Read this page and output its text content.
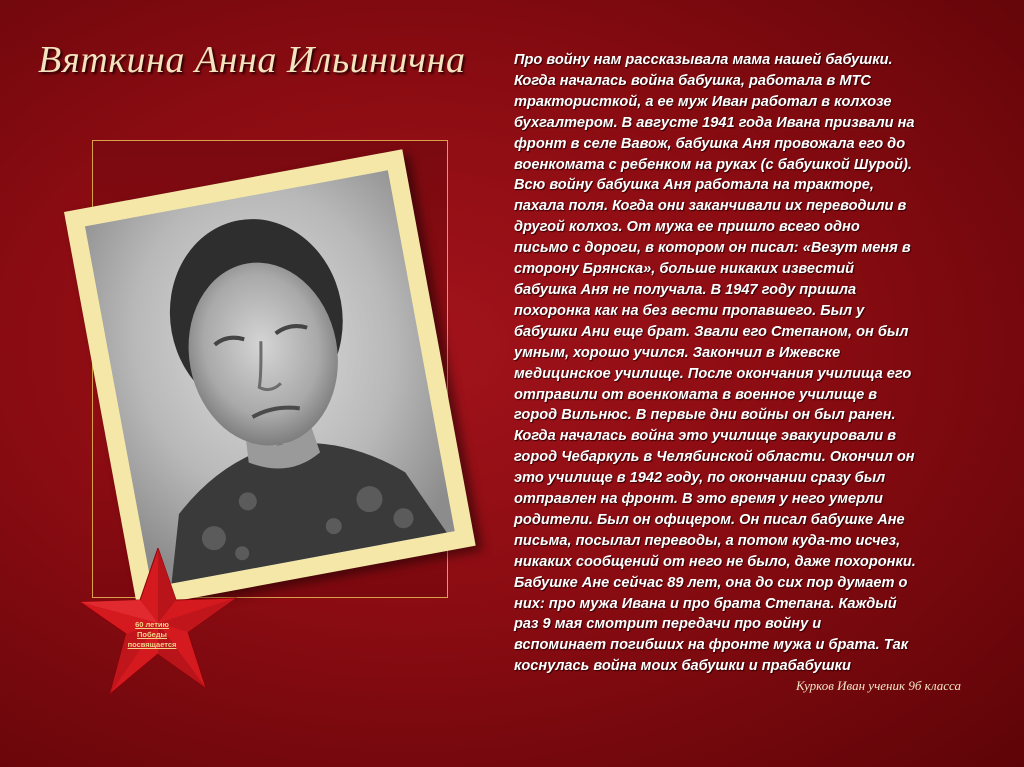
Вяткина Анна Ильинична
60 летию
Победы
посвящается
Про войну нам рассказывала мама нашей бабушки.
Когда началась война бабушка, работала в МТС
трактористкой, а ее муж Иван работал в колхозе
бухгалтером. В августе 1941 года Ивана призвали на
фронт в селе Вавож, бабушка Аня провожала его до
военкомата с ребенком на руках (с бабушкой Шурой).
Всю войну бабушка Аня работала на тракторе,
пахала поля. Когда они заканчивали их переводили в
другой колхоз. От мужа ее пришло всего одно
письмо с дороги, в котором он писал: «Везут меня в
сторону Брянска», больше никаких известий
бабушка Аня не получала. В 1947 году пришла
похоронка как на без вести пропавшего. Был у
бабушки Ани еще брат. Звали его Степаном, он был
умным, хорошо учился. Закончил в Ижевске
медицинское училище. После окончания училища его
отправили от военкомата в военное училище в
город Вильнюс. В первые дни войны он был ранен.
Когда началась война это училище эвакуировали в
город Чебаркуль в Челябинской области. Окончил он
это училище в 1942 году, по окончании сразу был
отправлен на фронт. В это время у него умерли
родители. Был он офицером. Он писал бабушке Ане
письма, посылал переводы, а потом куда-то исчез,
никаких сообщений от него не было, даже похоронки.
Бабушке Ане сейчас 89 лет, она до сих пор думает о
них: про мужа Ивана и про брата Степана. Каждый
раз 9 мая смотрит передачи про войну и
вспоминает погибших на фронте мужа и брата. Так
коснулась война моих бабушки и прабабушки
Курков Иван ученик 9б класса
